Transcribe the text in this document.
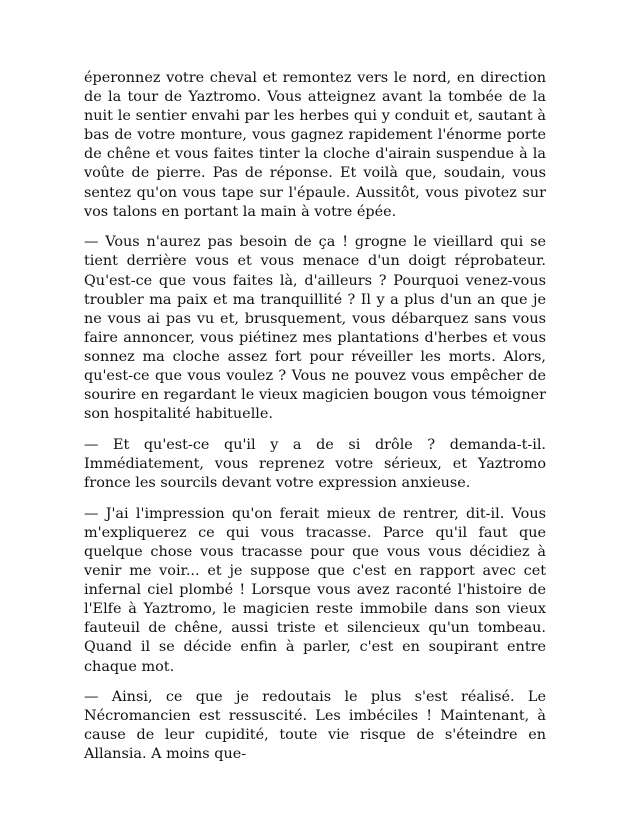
éperonnez votre cheval et remontez vers le nord, en direction de la tour de Yaztromo. Vous atteignez avant la tombée de la nuit le sentier envahi par les herbes qui y conduit et, sautant à bas de votre monture, vous gagnez rapidement l'énorme porte de chêne et vous faites tinter la cloche d'airain suspendue à la voûte de pierre. Pas de réponse. Et voilà que, soudain, vous sentez qu'on vous tape sur l'épaule. Aussitôt, vous pivotez sur vos talons en portant la main à votre épée.

— Vous n'aurez pas besoin de ça ! grogne le vieillard qui se tient derrière vous et vous menace d'un doigt réprobateur. Qu'est-ce que vous faites là, d'ailleurs ? Pourquoi venez-vous troubler ma paix et ma tranquillité ? Il y a plus d'un an que je ne vous ai pas vu et, brusquement, vous débarquez sans vous faire annoncer, vous piétinez mes plantations d'herbes et vous sonnez ma cloche assez fort pour réveiller les morts. Alors, qu'est-ce que vous voulez ? Vous ne pouvez vous empêcher de sourire en regardant le vieux magicien bougon vous témoigner son hospitalité habituelle.

— Et qu'est-ce qu'il y a de si drôle ? demanda-t-il. Immédiatement, vous reprenez votre sérieux, et Yaztromo fronce les sourcils devant votre expression anxieuse.

— J'ai l'impression qu'on ferait mieux de rentrer, dit-il. Vous m'expliquerez ce qui vous tracasse. Parce qu'il faut que quelque chose vous tracasse pour que vous vous décidiez à venir me voir... et je suppose que c'est en rapport avec cet infernal ciel plombé ! Lorsque vous avez raconté l'histoire de l'Elfe à Yaztromo, le magicien reste immobile dans son vieux fauteuil de chêne, aussi triste et silencieux qu'un tombeau. Quand il se décide enfin à parler, c'est en soupirant entre chaque mot.

— Ainsi, ce que je redoutais le plus s'est réalisé. Le Nécromancien est ressuscité. Les imbéciles ! Maintenant, à cause de leur cupidité, toute vie risque de s'éteindre en Allansia. A moins que-
